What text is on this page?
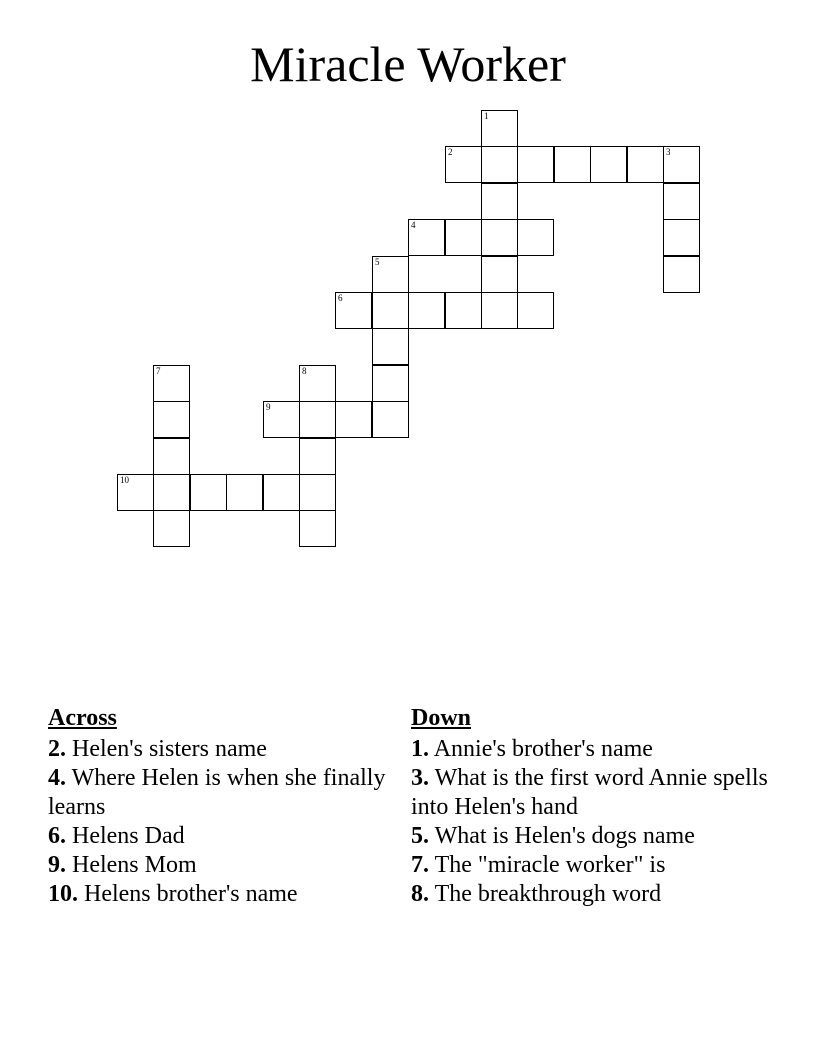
Miracle Worker
1
2	3
4
5
6
7	8
9
10
Across

2. Helen's sisters name

4. Where Helen is when she finally learns

6. Helens Dad

9. Helens Mom

10. Helens brother's name

Down

1. Annie's brother's name

3. What is the first word Annie spells into Helen's hand

5. What is Helen's dogs name

7. The "miracle worker" is

8. The breakthrough word
